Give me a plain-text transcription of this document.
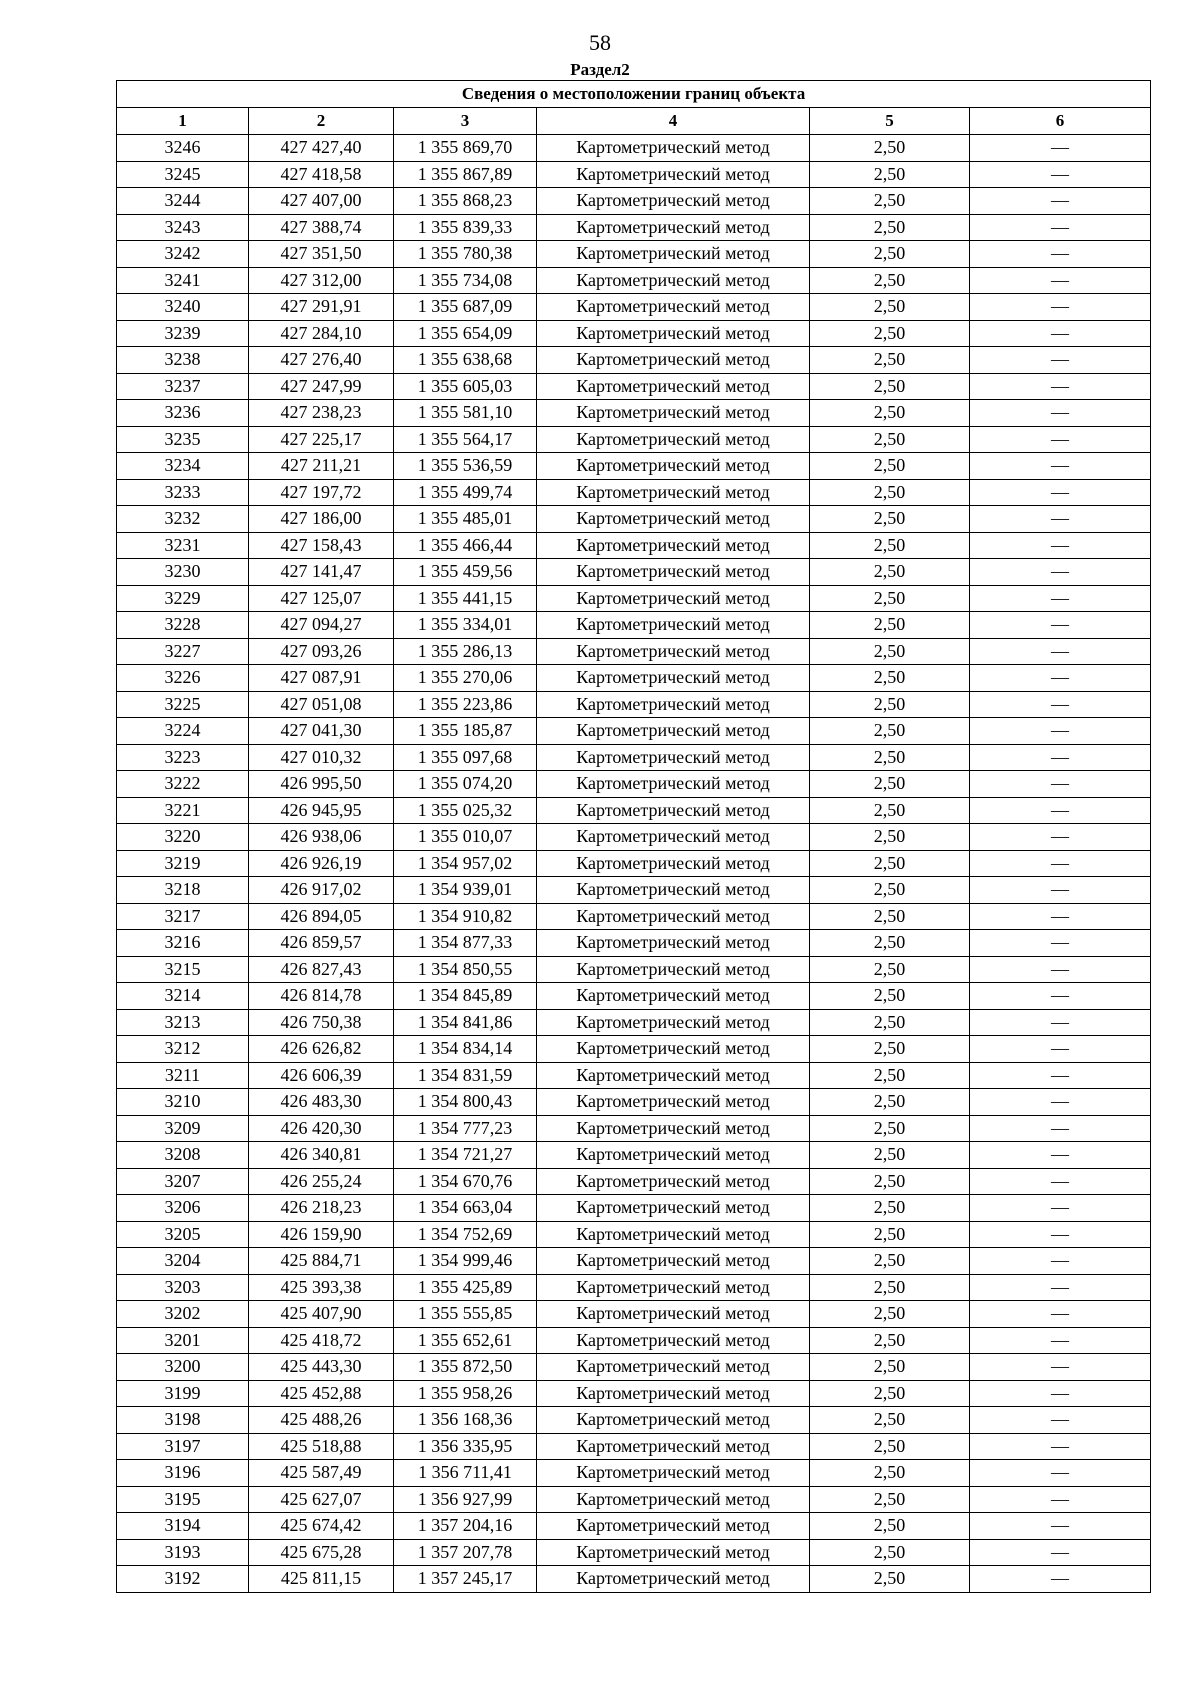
58
Раздел2
Сведения о местоположении границ объекта					
1	2	3	4	5	6
3246	427 427,40	1 355 869,70	Картометрический метод	2,50	—
3245	427 418,58	1 355 867,89	Картометрический метод	2,50	—
3244	427 407,00	1 355 868,23	Картометрический метод	2,50	—
3243	427 388,74	1 355 839,33	Картометрический метод	2,50	—
3242	427 351,50	1 355 780,38	Картометрический метод	2,50	—
3241	427 312,00	1 355 734,08	Картометрический метод	2,50	—
3240	427 291,91	1 355 687,09	Картометрический метод	2,50	—
3239	427 284,10	1 355 654,09	Картометрический метод	2,50	—
3238	427 276,40	1 355 638,68	Картометрический метод	2,50	—
3237	427 247,99	1 355 605,03	Картометрический метод	2,50	—
3236	427 238,23	1 355 581,10	Картометрический метод	2,50	—
3235	427 225,17	1 355 564,17	Картометрический метод	2,50	—
3234	427 211,21	1 355 536,59	Картометрический метод	2,50	—
3233	427 197,72	1 355 499,74	Картометрический метод	2,50	—
3232	427 186,00	1 355 485,01	Картометрический метод	2,50	—
3231	427 158,43	1 355 466,44	Картометрический метод	2,50	—
3230	427 141,47	1 355 459,56	Картометрический метод	2,50	—
3229	427 125,07	1 355 441,15	Картометрический метод	2,50	—
3228	427 094,27	1 355 334,01	Картометрический метод	2,50	—
3227	427 093,26	1 355 286,13	Картометрический метод	2,50	—
3226	427 087,91	1 355 270,06	Картометрический метод	2,50	—
3225	427 051,08	1 355 223,86	Картометрический метод	2,50	—
3224	427 041,30	1 355 185,87	Картометрический метод	2,50	—
3223	427 010,32	1 355 097,68	Картометрический метод	2,50	—
3222	426 995,50	1 355 074,20	Картометрический метод	2,50	—
3221	426 945,95	1 355 025,32	Картометрический метод	2,50	—
3220	426 938,06	1 355 010,07	Картометрический метод	2,50	—
3219	426 926,19	1 354 957,02	Картометрический метод	2,50	—
3218	426 917,02	1 354 939,01	Картометрический метод	2,50	—
3217	426 894,05	1 354 910,82	Картометрический метод	2,50	—
3216	426 859,57	1 354 877,33	Картометрический метод	2,50	—
3215	426 827,43	1 354 850,55	Картометрический метод	2,50	—
3214	426 814,78	1 354 845,89	Картометрический метод	2,50	—
3213	426 750,38	1 354 841,86	Картометрический метод	2,50	—
3212	426 626,82	1 354 834,14	Картометрический метод	2,50	—
3211	426 606,39	1 354 831,59	Картометрический метод	2,50	—
3210	426 483,30	1 354 800,43	Картометрический метод	2,50	—
3209	426 420,30	1 354 777,23	Картометрический метод	2,50	—
3208	426 340,81	1 354 721,27	Картометрический метод	2,50	—
3207	426 255,24	1 354 670,76	Картометрический метод	2,50	—
3206	426 218,23	1 354 663,04	Картометрический метод	2,50	—
3205	426 159,90	1 354 752,69	Картометрический метод	2,50	—
3204	425 884,71	1 354 999,46	Картометрический метод	2,50	—
3203	425 393,38	1 355 425,89	Картометрический метод	2,50	—
3202	425 407,90	1 355 555,85	Картометрический метод	2,50	—
3201	425 418,72	1 355 652,61	Картометрический метод	2,50	—
3200	425 443,30	1 355 872,50	Картометрический метод	2,50	—
3199	425 452,88	1 355 958,26	Картометрический метод	2,50	—
3198	425 488,26	1 356 168,36	Картометрический метод	2,50	—
3197	425 518,88	1 356 335,95	Картометрический метод	2,50	—
3196	425 587,49	1 356 711,41	Картометрический метод	2,50	—
3195	425 627,07	1 356 927,99	Картометрический метод	2,50	—
3194	425 674,42	1 357 204,16	Картометрический метод	2,50	—
3193	425 675,28	1 357 207,78	Картометрический метод	2,50	—
3192	425 811,15	1 357 245,17	Картометрический метод	2,50	—
